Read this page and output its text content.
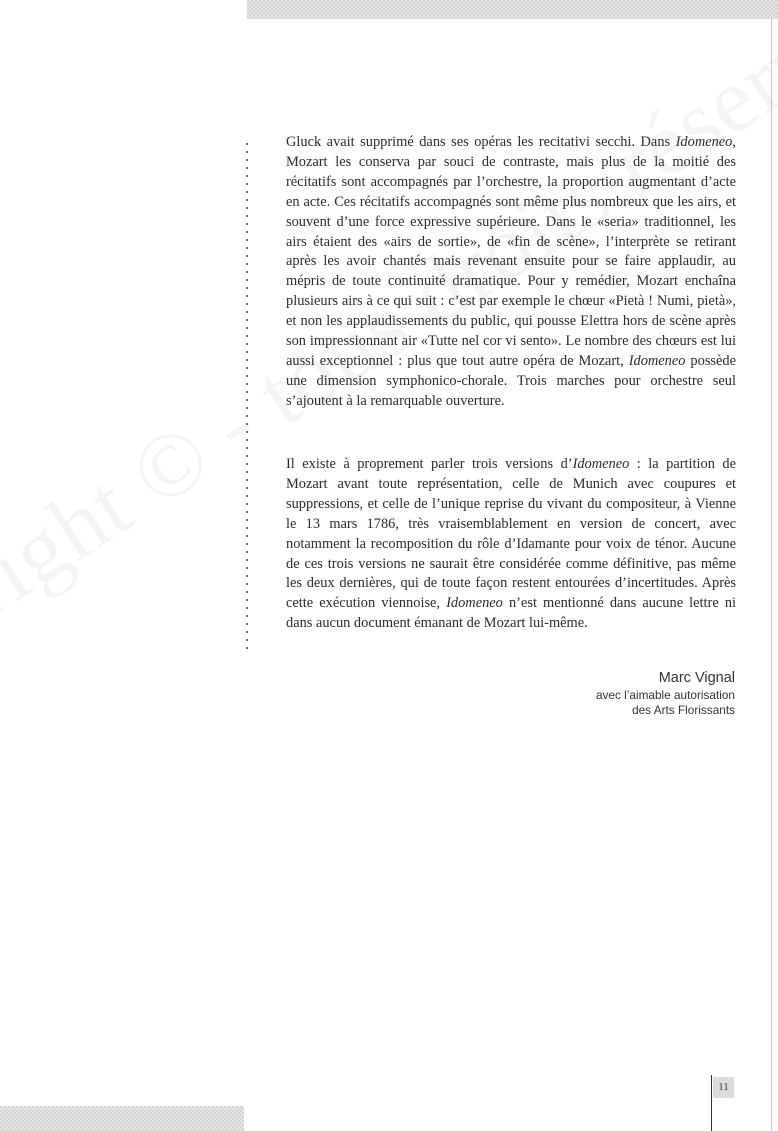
Gluck avait supprimé dans ses opéras les recitativi secchi. Dans Idomeneo, Mozart les conserva par souci de contraste, mais plus de la moitié des récitatifs sont accompagnés par l’orchestre, la proportion augmentant d’acte en acte. Ces récitatifs accompagnés sont même plus nombreux que les airs, et souvent d’une force expressive supérieure. Dans le «seria» traditionnel, les airs étaient des «airs de sortie», de «fin de scène», l’interprète se retirant après les avoir chantés mais revenant ensuite pour se faire applaudir, au mépris de toute continuité dramatique. Pour y remédier, Mozart enchaîna plusieurs airs à ce qui suit : c’est par exemple le chœur «Pietà ! Numi, pietà», et non les applaudissements du public, qui pousse Elettra hors de scène après son impressionnant air «Tutte nel cor vi sento». Le nombre des chœurs est lui aussi exceptionnel : plus que tout autre opéra de Mozart, Idomeneo possède une dimension symphonico-chorale. Trois marches pour orchestre seul s’ajoutent à la remarquable ouverture.

Il existe à proprement parler trois versions d’Idomeneo : la partition de Mozart avant toute représentation, celle de Munich avec coupures et suppressions, et celle de l’unique reprise du vivant du compositeur, à Vienne le 13 mars 1786, très vraisemblablement en version de concert, avec notamment la recomposition du rôle d’Idamante pour voix de ténor. Aucune de ces trois versions ne saurait être considérée comme définitive, pas même les deux dernières, qui de toute façon restent entourées d’incertitudes. Après cette exécution viennoise, Idomeneo n’est mentionné dans aucune lettre ni dans aucun document émanant de Mozart lui-même.

Marc Vignal
avec l’aimable autorisation
des Arts Florissants
11
